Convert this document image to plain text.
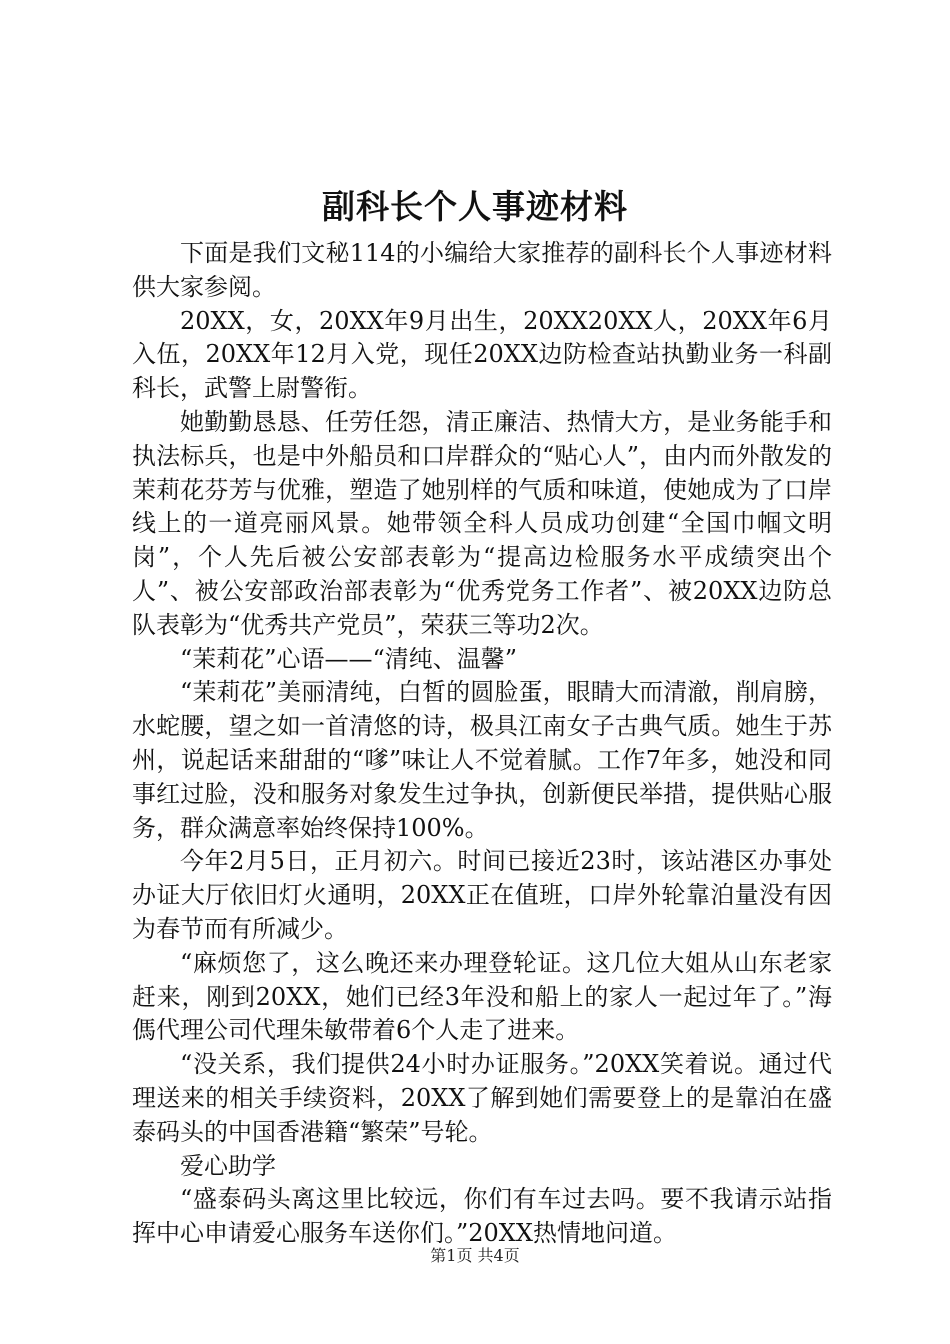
副科长个人事迹材料

下面是我们文秘114的小编给大家推荐的副科长个人事迹材料供大家参阅。

20XX，女，20XX年9月出生，20XX20XX人，20XX年6月入伍，20XX年12月入党，现任20XX边防检查站执勤业务一科副科长，武警上尉警衔。

她勤勤恳恳、任劳任怨，清正廉洁、热情大方，是业务能手和执法标兵，也是中外船员和口岸群众的“贴心人”，由内而外散发的茉莉花芬芳与优雅，塑造了她别样的气质和味道，使她成为了口岸线上的一道亮丽风景。她带领全科人员成功创建“全国巾帼文明岗”，个人先后被公安部表彰为“提高边检服务水平成绩突出个人”、被公安部政治部表彰为“优秀党务工作者”、被20XX边防总队表彰为“优秀共产党员”，荣获三等功2次。

“茉莉花”心语——“清纯、温馨”

“茉莉花”美丽清纯，白皙的圆脸蛋，眼睛大而清澈，削肩膀，水蛇腰，望之如一首清悠的诗，极具江南女子古典气质。她生于苏州，说起话来甜甜的“嗲”味让人不觉着腻。工作7年多，她没和同事红过脸，没和服务对象发生过争执，创新便民举措，提供贴心服务，群众满意率始终保持100%。

今年2月5日，正月初六。时间已接近23时，该站港区办事处办证大厅依旧灯火通明，20XX正在值班，口岸外轮靠泊量没有因为春节而有所减少。

“麻烦您了，这么晚还来办理登轮证。这几位大姐从山东老家赶来，刚到20XX，她们已经3年没和船上的家人一起过年了。”海傌代理公司代理朱敏带着6个人走了进来。

“没关系，我们提供24小时办证服务。”20XX笑着说。通过代理送来的相关手续资料，20XX了解到她们需要登上的是靠泊在盛泰码头的中国香港籍“繁荣”号轮。

爱心助学

“盛泰码头离这里比较远，你们有车过去吗。要不我请示站指挥中心申请爱心服务车送你们。”20XX热情地问道。

第1页 共4页
